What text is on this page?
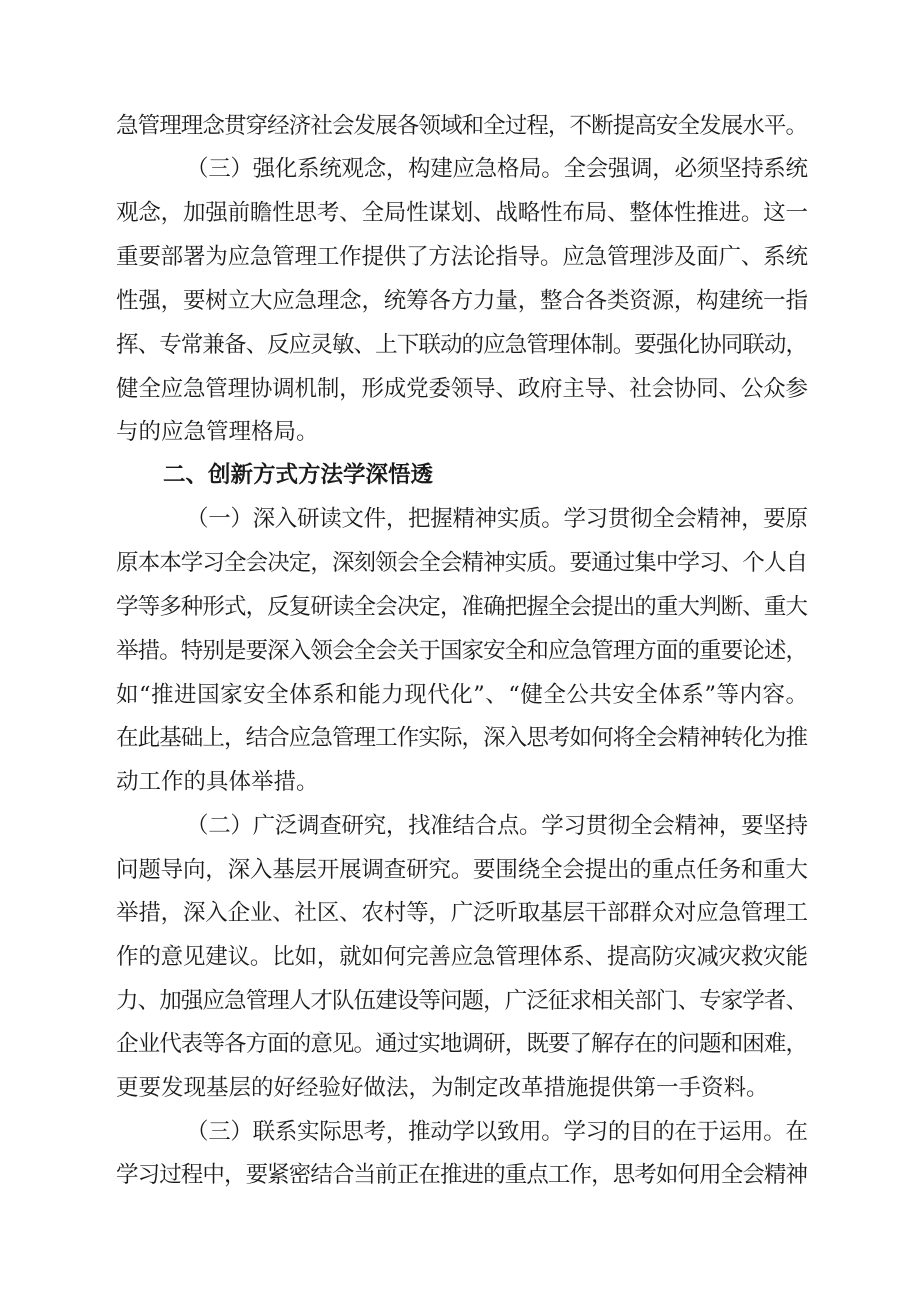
急管理理念贯穿经济社会发展各领域和全过程，不断提高安全发展水平。
（三）强化系统观念，构建应急格局。全会强调，必须坚持系统
观念，加强前瞻性思考、全局性谋划、战略性布局、整体性推进。这一
重要部署为应急管理工作提供了方法论指导。应急管理涉及面广、系统
性强，要树立大应急理念，统筹各方力量，整合各类资源，构建统一指
挥、专常兼备、反应灵敏、上下联动的应急管理体制。要强化协同联动，
健全应急管理协调机制，形成党委领导、政府主导、社会协同、公众参
与的应急管理格局。
二、创新方式方法学深悟透
（一）深入研读文件，把握精神实质。学习贯彻全会精神，要原
原本本学习全会决定，深刻领会全会精神实质。要通过集中学习、个人自
学等多种形式，反复研读全会决定，准确把握全会提出的重大判断、重大
举措。特别是要深入领会全会关于国家安全和应急管理方面的重要论述，
如“推进国家安全体系和能力现代化”、“健全公共安全体系”等内容。
在此基础上，结合应急管理工作实际，深入思考如何将全会精神转化为推
动工作的具体举措。
（二）广泛调查研究，找准结合点。学习贯彻全会精神，要坚持
问题导向，深入基层开展调查研究。要围绕全会提出的重点任务和重大
举措，深入企业、社区、农村等，广泛听取基层干部群众对应急管理工
作的意见建议。比如，就如何完善应急管理体系、提高防灾减灾救灾能
力、加强应急管理人才队伍建设等问题，广泛征求相关部门、专家学者、
企业代表等各方面的意见。通过实地调研，既要了解存在的问题和困难，
更要发现基层的好经验好做法，为制定改革措施提供第一手资料。
（三）联系实际思考，推动学以致用。学习的目的在于运用。在
学习过程中，要紧密结合当前正在推进的重点工作，思考如何用全会精神
